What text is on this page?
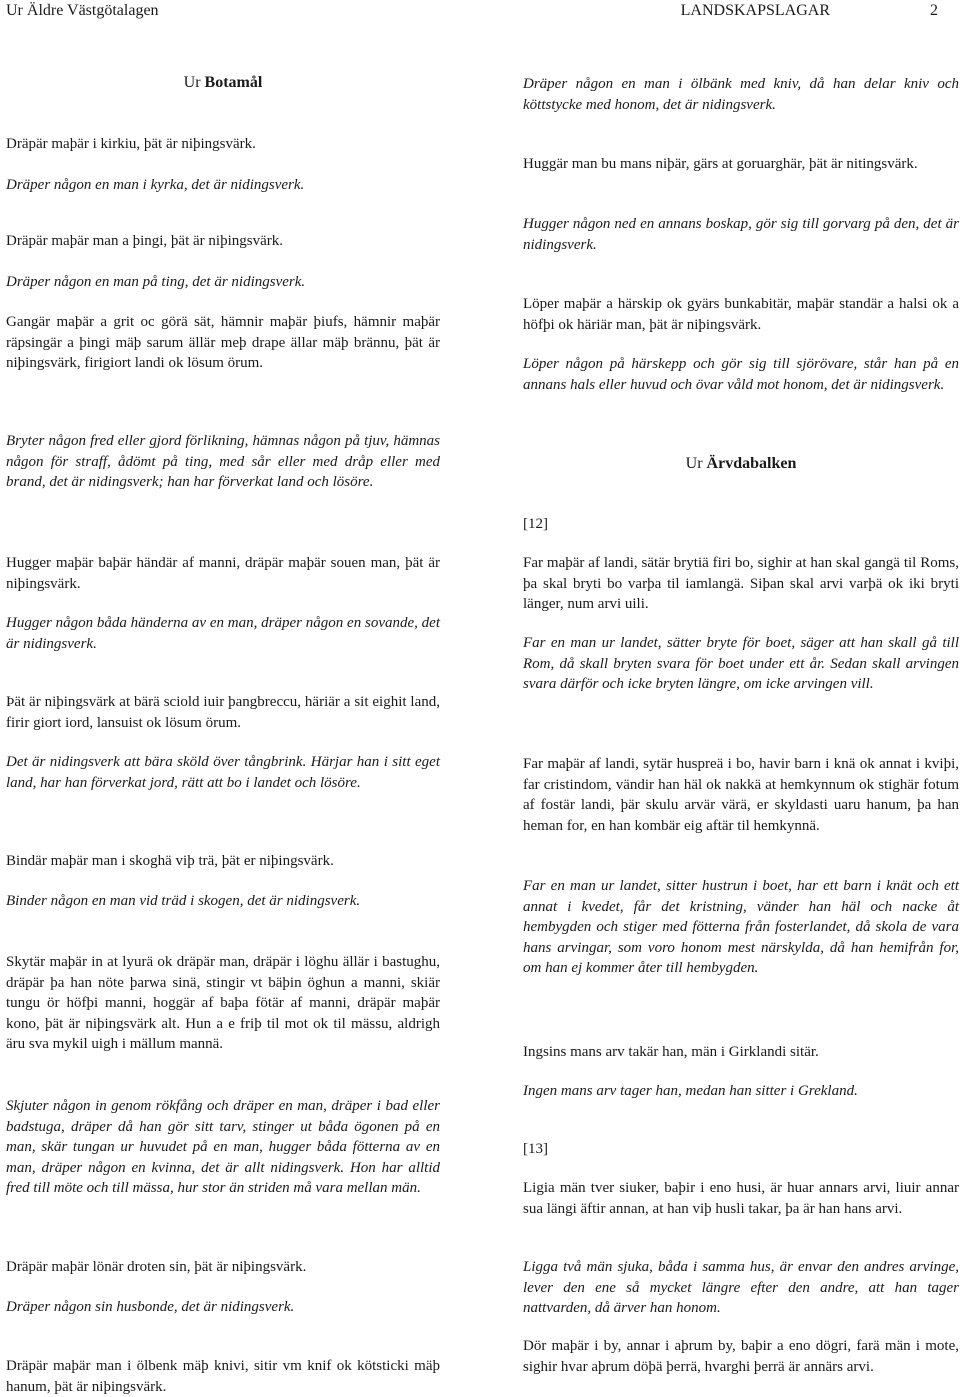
Ur Äldre Västgötalagen	LANDSKAPSLAGAR	2
Ur Botamål

Dräpär maþär i kirkiu, þät är niþingsvärk.

Dräper någon en man i kyrka, det är nidingsverk.

Dräpär maþär man a þingi, þät är niþingsvärk.

Dräper någon en man på ting, det är nidingsverk.

Gangär maþär a grit oc görä sät, hämnir maþär þiufs, hämnir maþär räpsingär a þingi mäþ sarum ällär meþ drape ällar mäþ brännu, þät är niþingsvärk, firigiort landi ok lösum örum.

Bryter någon fred eller gjord förlikning, hämnas någon på tjuv, hämnas någon för straff, ådömt på ting, med sår eller med dråp eller med brand, det är nidingsverk; han har förverkat land och lösöre.

Hugger maþär baþär händär af manni, dräpär maþär souen man, þät är niþingsvärk.

Hugger någon båda händerna av en man, dräper någon en sovande, det är nidingsverk.

Þät är niþingsvärk at bärä sciold iuir þangbreccu, häriär a sit eighit land, firir giort iord, lansuist ok lösum örum.

Det är nidingsverk att bära sköld över tångbrink. Härjar han i sitt eget land, har han förverkat jord, rätt att bo i landet och lösöre.

Bindär maþär man i skoghä viþ trä, þät er niþingsvärk.

Binder någon en man vid träd i skogen, det är nidingsverk.

Skytär maþär in at lyurä ok dräpär man, dräpär i löghu ällär i bastughu, dräpär þa han nöte þarwa sinä, stingir vt bäþin öghun a manni, skiär tungu ör höfþi manni, hoggär af baþa fötär af manni, dräpär maþär kono, þät är niþingsvärk alt. Hun a e friþ til mot ok til mässu, aldrigh äru sva mykil uigh i mällum mannä.

Skjuter någon in genom rökfång och dräper en man, dräper i bad eller badstuga, dräper då han gör sitt tarv, stinger ut båda ögonen på en man, skär tungan ur huvudet på en man, hugger båda fötterna av en man, dräper någon en kvinna, det är allt nidingsverk. Hon har alltid fred till möte och till mässa, hur stor än striden må vara mellan män.

Dräpär maþär lönär droten sin, þät är niþingsvärk.

Dräper någon sin husbonde, det är nidingsverk.

Dräpär maþär man i ölbenk mäþ knivi, sitir vm knif ok kötsticki mäþ hanum, þät är niþingsvärk.

Dräper någon en man i ölbänk med kniv, då han delar kniv och köttstycke med honom, det är nidingsverk.

Huggär man bu mans niþär, gärs at goruarghär, þät är nitingsvärk.

Hugger någon ned en annans boskap, gör sig till gorvarg på den, det är nidingsverk.

Löper maþär a härskip ok gyärs bunkabitär, maþär standär a halsi ok a höfþi ok häriär man, þät är niþingsvärk.

Löper någon på härskepp och gör sig till sjörövare, står han på en annans hals eller huvud och övar våld mot honom, det är nidingsverk.

Ur Ärvdabalken
[12]

Far maþär af landi, sätär brytiä firi bo, sighir at han skal gangä til Roms, þa skal bryti bo varþa til iamlangä. Siþan skal arvi varþä ok iki bryti länger, num arvi uili.

Far en man ur landet, sätter bryte för boet, säger att han skall gå till Rom, då skall bryten svara för boet under ett år. Sedan skall arvingen svara därför och icke bryten längre, om icke arvingen vill.

Far maþär af landi, sytär huspreä i bo, havir barn i knä ok annat i kviþi, far cristindom, vändir han häl ok nakkä at hemkynnum ok stighär fotum af fostär landi, þär skulu arvär värä, er skyldasti uaru hanum, þa han heman for, en han kombär eig aftär til hemkynnä.

Far en man ur landet, sitter hustrun i boet, har ett barn i knät och ett annat i kvedet, får det kristning, vänder han häl och nacke åt hembygden och stiger med fötterna från fosterlandet, då skola de vara hans arvingar, som voro honom mest närskylda, då han hemifrån for, om han ej kommer åter till hembygden.

Ingsins mans arv takär han, män i Girklandi sitär.

Ingen mans arv tager han, medan han sitter i Grekland.

[13]

Ligia män tver siuker, baþir i eno husi, är huar annars arvi, liuir annar sua längi äftir annan, at han viþ husli takar, þa är han hans arvi.

Ligga två män sjuka, båda i samma hus, är envar den andres arvinge, lever den ene så mycket längre efter den andre, att han tager nattvarden, då ärver han honom.

Dör maþär i by, annar i aþrum by, baþir a eno dögri, farä män i mote, sighir hvar aþrum döþä þerrä, hvarghi þerrä är annärs arvi.
